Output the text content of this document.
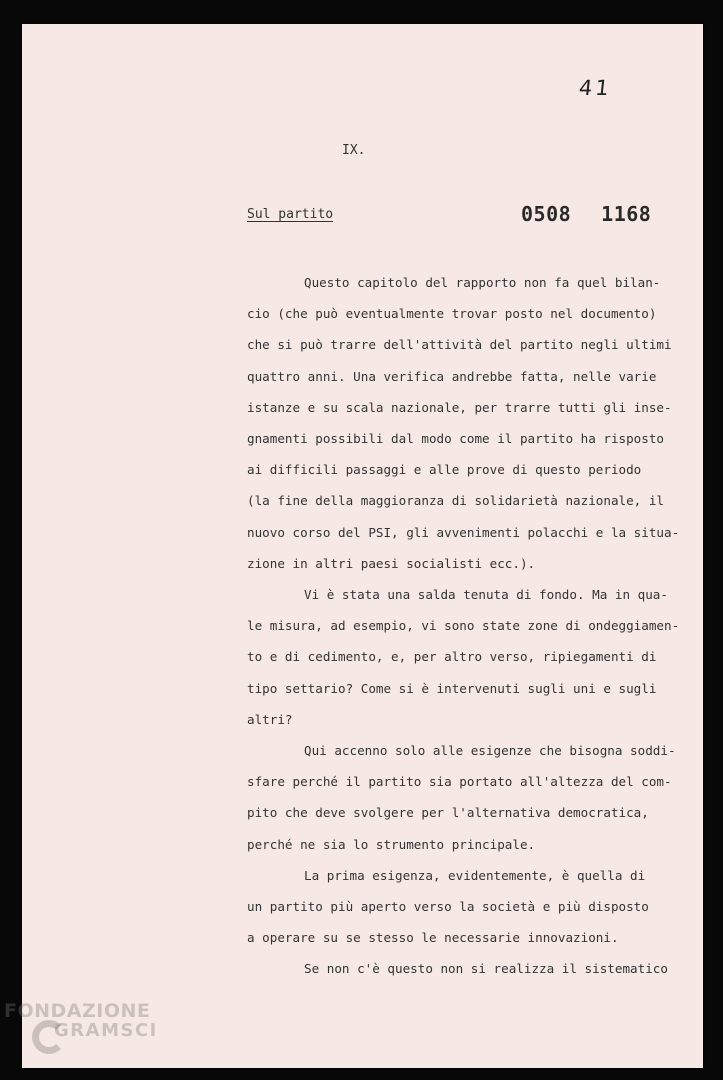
41
IX.
Sul partito	0508 1168
Questo capitolo del rapporto non fa quel bilan-
cio (che può eventualmente trovar posto nel documento)
che si può trarre dell'attività del partito negli ultimi
quattro anni. Una verifica andrebbe fatta, nelle varie
istanze e su scala nazionale, per trarre tutti gli inse-
gnamenti possibili dal modo come il partito ha risposto
ai difficili passaggi e alle prove di questo periodo
(la fine della maggioranza di solidarietà nazionale, il
nuovo corso del PSI, gli avvenimenti polacchi e la situa-
zione in altri paesi socialisti ecc.).
Vi è stata una salda tenuta di fondo. Ma in qua-
le misura, ad esempio, vi sono state zone di ondeggiamen-
to e di cedimento, e, per altro verso, ripiegamenti di
tipo settario? Come si è intervenuti sugli uni e sugli
altri?
Qui accenno solo alle esigenze che bisogna soddi-
sfare perché il partito sia portato all'altezza del com-
pito che deve svolgere per l'alternativa democratica,
perché ne sia lo strumento principale.
La prima esigenza, evidentemente, è quella di
un partito più aperto verso la società e più disposto
a operare su se stesso le necessarie innovazioni.
Se non c'è questo non si realizza il sistematico
FONDAZIONE
GRAMSCI
